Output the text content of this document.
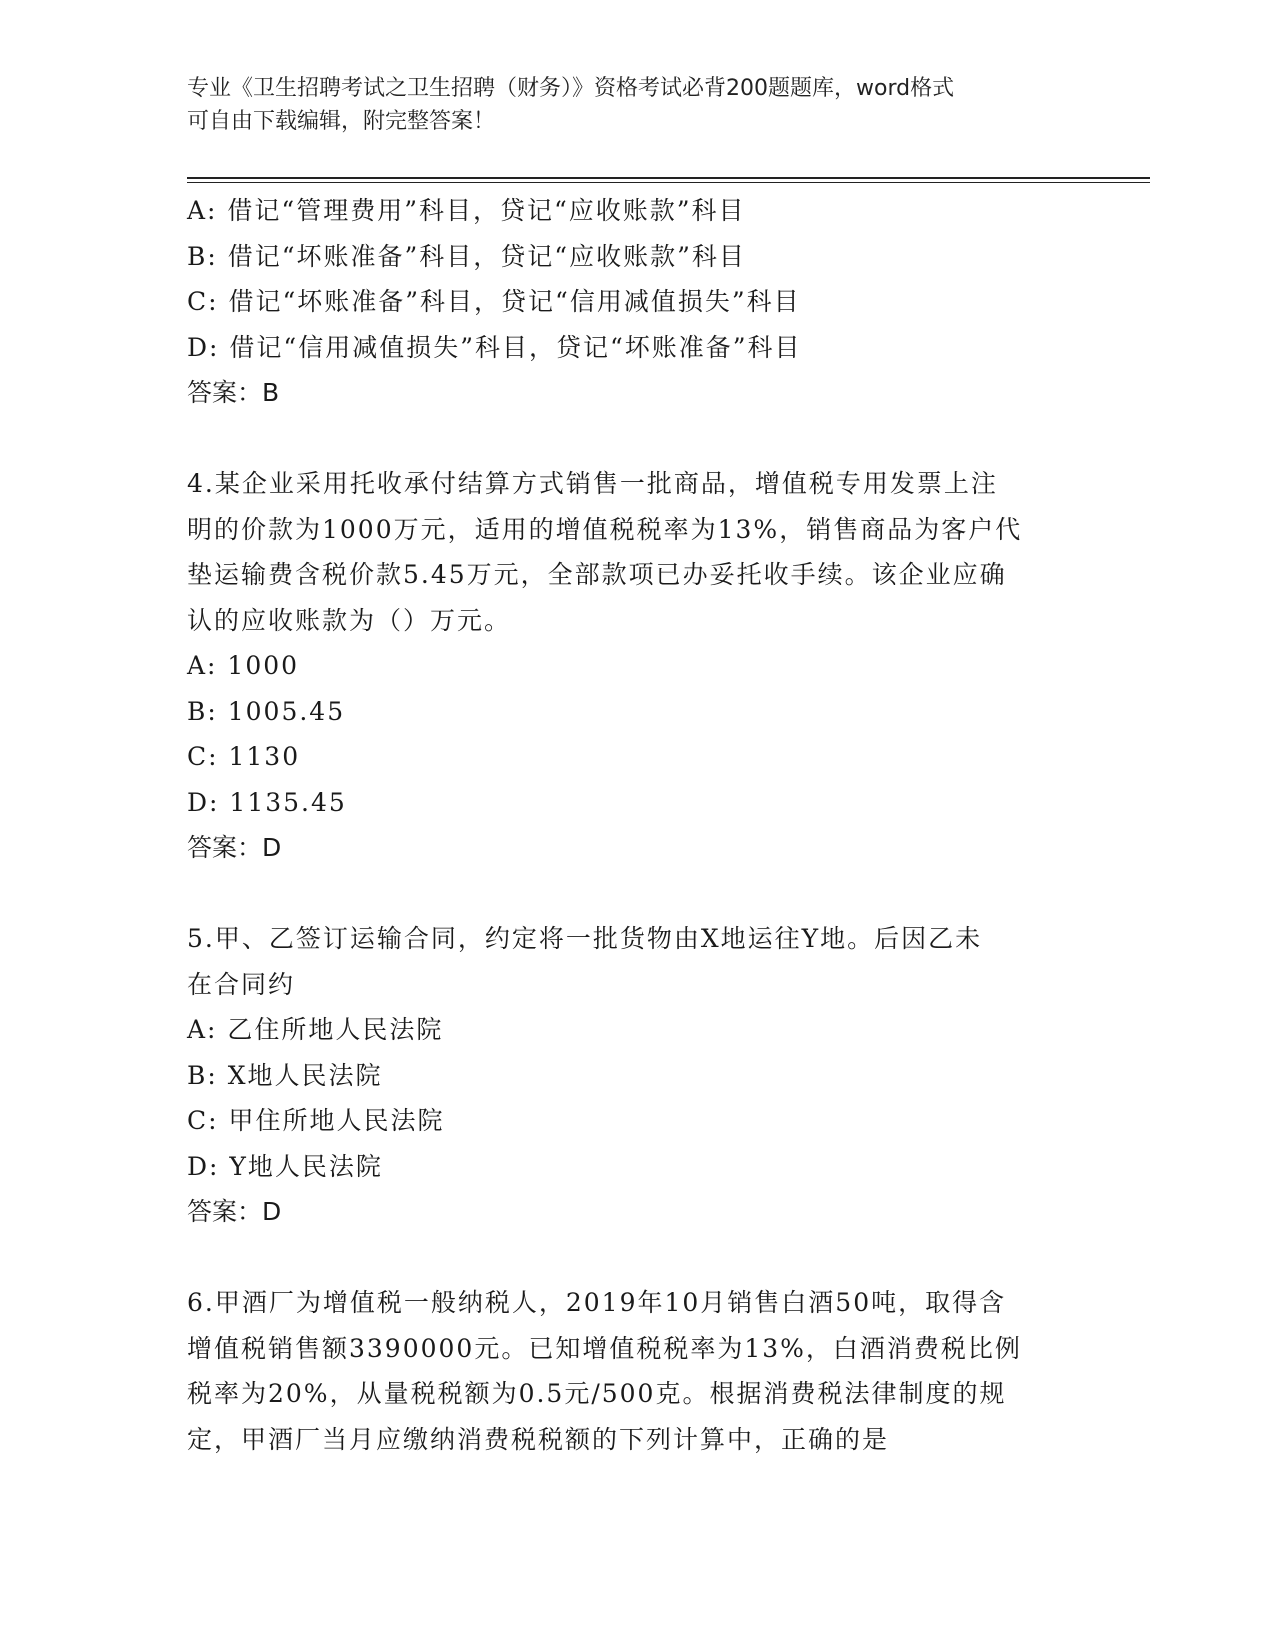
专业《卫生招聘考试之卫生招聘（财务）》资格考试必背200题题库，word格式
可自由下载编辑，附完整答案！
A: 借记“管理费用”科目，贷记“应收账款”科目
B: 借记“坏账准备”科目，贷记“应收账款”科目
C: 借记“坏账准备”科目，贷记“信用减值损失”科目
D: 借记“信用减值损失”科目，贷记“坏账准备”科目
答案：B
4.某企业采用托收承付结算方式销售一批商品，增值税专用发票上注
明的价款为1000万元，适用的增值税税率为13%，销售商品为客户代
垫运输费含税价款5.45万元，全部款项已办妥托收手续。该企业应确
认的应收账款为（）万元。
A: 1000
B: 1005.45
C: 1130
D: 1135.45
答案：D
5.甲、乙签订运输合同，约定将一批货物由X地运往Y地。后因乙未
在合同约
A: 乙住所地人民法院
B: X地人民法院
C: 甲住所地人民法院
D: Y地人民法院
答案：D
6.甲酒厂为增值税一般纳税人，2019年10月销售白酒50吨，取得含
增值税销售额3390000元。已知增值税税率为13%，白酒消费税比例
税率为20%，从量税税额为0.5元/500克。根据消费税法律制度的规
定，甲酒厂当月应缴纳消费税税额的下列计算中，正确的是
